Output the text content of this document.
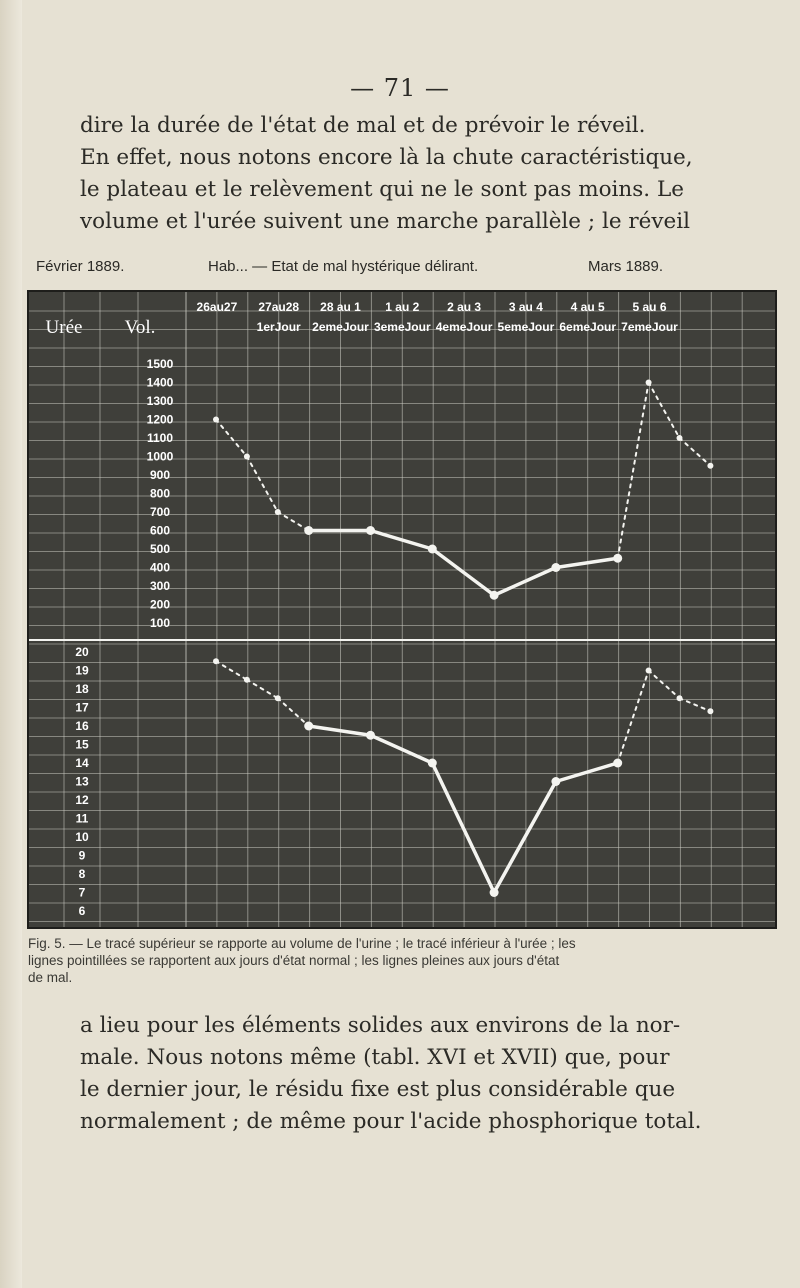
— 71 —

dire la durée de l'état de mal et de prévoir le réveil.
En effet, nous notons encore là la chute caractéristique,
le plateau et le relèvement qui ne le sont pas moins. Le
volume et l'urée suivent une marche parallèle ; le réveil

Février 1889.	Hab... — Etat de mal hystérique délirant.	Mars 1889.
Urée Vol.
26au27 27au28 28 au 1 1 au 2 2 au 3 3 au 4 4 au 5 5 au 6
1erJour 2emeJour 3emeJour 4emeJour 5emeJour 6emeJour 7emeJour
1500
1400
1300
1200
1100
1000
900
800
700
600
500
400
300
200
100
20
19
18
17
16
15
14
13
12
11
10
9
8
7
6

Fig. 5. — Le tracé supérieur se rapporte au volume de l'urine ; le tracé inférieur à l'urée ; les
lignes pointillées se rapportent aux jours d'état normal ; les lignes pleines aux jours d'état
de mal.

a lieu pour les éléments solides aux environs de la nor-
male. Nous notons même (tabl. XVI et XVII) que, pour
le dernier jour, le résidu fixe est plus considérable que
normalement ; de même pour l'acide phosphorique total.
